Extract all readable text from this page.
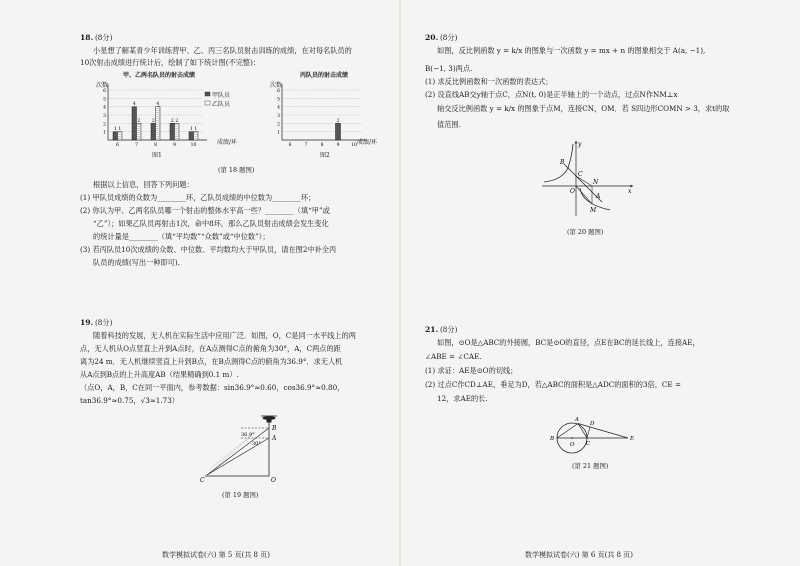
18. (8分)
小星想了解某青少年训练营甲、乙、丙三名队员射击训练的成绩，在对每名队员的
10次射击成绩进行统计后，绘制了如下统计图(不完整)：
甲、乙两名队员的射击成绩
次数
1
2
3
4
5
6
6
1 1
7
4
2
8
2
4
9
2 2
10
1 1
成绩/环
甲队员
乙队员
图1
丙队员的射击成绩
次数
1
2
3
4
5
6
6	7	8	9
2
10 成绩/环
图2
(第 18 题图)
根据以上信息，回答下列问题：
(1) 甲队员成绩的众数为________环，乙队员成绩的中位数为________环；
(2) 你认为甲、乙两名队员哪一个射击的整体水平高一些？________（填“甲”或
“乙”）；如果乙队员再射击1次，命中8环，那么乙队员射击成绩会发生变化
的统计量是________（填“平均数”“众数”或“中位数”）；
(3) 若丙队员10次成绩的众数、中位数、平均数均大于甲队员，请在图2中补全丙
队员的成绩(写出一种即可).
19. (8分)
随着科技的发展，无人机在实际生活中应用广泛．如图，O，C是同一水平线上的两
点，无人机从O点竖直上升到A点时，在A点测得C点的俯角为30°，A，C两点的距
离为24 m．无人机继续竖直上升到B点，在B点测得C点的俯角为36.9°．求无人机
从A点到B点的上升高度AB（结果精确到0.1 m）.
（点O，A，B，C在同一平面内，参考数据：sin36.9°≈0.60，cos36.9°≈0.80，
tan36.9°≈0.75，√3≈1.73）
B
A
O
C
36.9°
30°
(第 19 题图)
数学模拟试卷(六) 第 5 页(共 8 页)
20. (8分)
如图，反比例函数 y = k/x 的图象与一次函数 y = mx + n 的图象相交于 A(a, −1),
B(−1, 3)两点.
(1) 求反比例函数和一次函数的表达式；
(2) 设直线AB交y轴于点C，点N(t, 0)是正半轴上的一个动点，过点N作NM⊥x
轴交反比例函数 y = k/x 的图象于点M，连接CN，OM．若 S四边形COMN > 3，求t的取
值范围.
y
x
O
B
C
A
N
M
(第 20 题图)
21. (8分)
如图，⊙O是△ABC的外接圆，BC是⊙O的直径，点E在BC的延长线上，连接AE，
∠ABE = ∠CAE.
(1) 求证：AE是⊙O的切线；
(2) 过点C作CD⊥AE，垂足为D，若△ABC的面积是△ADC的面积的3倍，CE =
12，求AE的长.
A
D
B
O C
E
(第 21 题图)
数学模拟试卷(六) 第 6 页(共 8 页)
